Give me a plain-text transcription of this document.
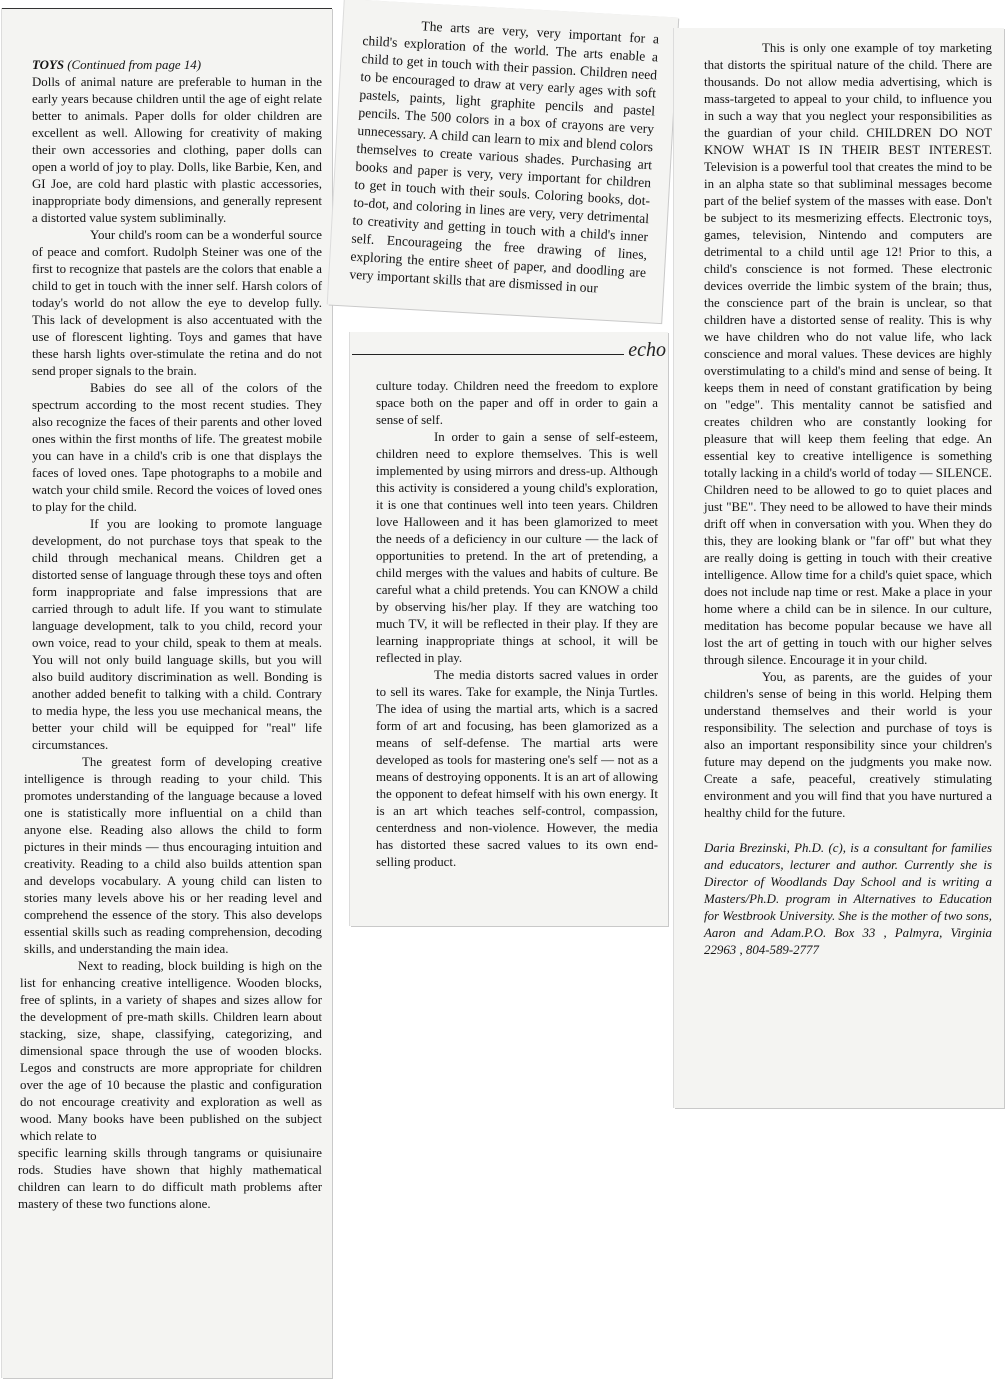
TOYS (Continued from page 14)

Dolls of animal nature are preferable to human in the early years because children until the age of eight relate better to animals. Paper dolls for older children are excellent as well. Allowing for creativity of making their own accessories and clothing, paper dolls can open a world of joy to play. Dolls, like Barbie, Ken, and GI Joe, are cold hard plastic with plastic accessories, inappropriate body dimensions, and generally represent a distorted value system subliminally.

Your child's room can be a wonderful source of peace and comfort. Rudolph Steiner was one of the first to recognize that pastels are the colors that enable a child to get in touch with the inner self. Harsh colors of today's world do not allow the eye to develop fully. This lack of development is also accentuated with the use of florescent lighting. Toys and games that have these harsh lights over-stimulate the retina and do not send proper signals to the brain.

Babies do see all of the colors of the spectrum according to the most recent studies. They also recognize the faces of their parents and other loved ones within the first months of life. The greatest mobile you can have in a child's crib is one that displays the faces of loved ones. Tape photographs to a mobile and watch your child smile. Record the voices of loved ones to play for the child.

If you are looking to promote language development, do not purchase toys that speak to the child through mechanical means. Children get a distorted sense of language through these toys and often form inappropriate and false impressions that are carried through to adult life. If you want to stimulate language development, talk to you child, record your own voice, read to your child, speak to them at meals. You will not only build language skills, but you will also build auditory discrimination as well. Bonding is another added benefit to talking with a child. Contrary to media hype, the less you use mechanical means, the better your child will be equipped for "real" life circumstances.

The greatest form of developing creative intelligence is through reading to your child. This promotes understanding of the language because a loved one is statistically more influential on a child than anyone else. Reading also allows the child to form pictures in their minds — thus encouraging intuition and creativity. Reading to a child also builds attention span and develops vocabulary. A young child can listen to stories many levels above his or her reading level and comprehend the essence of the story. This also develops essential skills such as reading comprehension, decoding skills, and understanding the main idea.

Next to reading, block building is high on the list for enhancing creative intelligence. Wooden blocks, free of splints, in a variety of shapes and sizes allow for the development of pre-math skills. Children learn about stacking, size, shape, classifying, categorizing, and dimensional space through the use of wooden blocks. Legos and constructs are more appropriate for children over the age of 10 because the plastic and configuration do not encourage creativity and exploration as well as wood. Many books have been published on the subject which relate to

specific learning skills through tangrams or quisiunaire rods. Studies have shown that highly mathematical children can learn to do difficult math problems after mastery of these two functions alone.

The arts are very, very important for a child's exploration of the world. The arts enable a child to get in touch with their passion. Children need to be encouraged to draw at very early ages with soft pastels, paints, light graphite pencils and pastel pencils. The 500 colors in a box of crayons are very unnecessary. A child can learn to mix and blend colors themselves to create various shades. Purchasing art books and paper is very, very important for children to get in touch with their souls. Coloring books, dot-to-dot, and coloring in lines are very, very detrimental to creativity and getting in touch with a child's inner self. Encourageing the free drawing of lines, exploring the entire sheet of paper, and doodling are very important skills that are dismissed in our

echo

culture today. Children need the freedom to explore space both on the paper and off in order to gain a sense of self.

In order to gain a sense of self-esteem, children need to explore themselves. This is well implemented by using mirrors and dress-up. Although this activity is considered a young child's exploration, it is one that continues well into teen years. Children love Halloween and it has been glamorized to meet the needs of a deficiency in our culture — the lack of opportunities to pretend. In the art of pretending, a child merges with the values and habits of culture. Be careful what a child pretends. You can KNOW a child by observing his/her play. If they are watching too much TV, it will be reflected in their play. If they are learning inappropriate things at school, it will be reflected in play.

The media distorts sacred values in order to sell its wares. Take for example, the Ninja Turtles. The idea of using the martial arts, which is a sacred form of art and focusing, has been glamorized as a means of self-defense. The martial arts were developed as tools for mastering one's self — not as a means of destroying opponents. It is an art of allowing the opponent to defeat himself with his own energy. It is an art which teaches self-control, compassion, centerdness and non-violence. However, the media has distorted these sacred values to its own end- selling product.

This is only one example of toy marketing that distorts the spiritual nature of the child. There are thousands. Do not allow media advertising, which is mass-targeted to appeal to your child, to influence you in such a way that you neglect your responsibilities as the guardian of your child. CHILDREN DO NOT KNOW WHAT IS IN THEIR BEST INTEREST. Television is a powerful tool that creates the mind to be in an alpha state so that subliminal messages become part of the belief system of the masses with ease. Don't be subject to its mesmerizing effects. Electronic toys, games, television, Nintendo and computers are detrimental to a child until age 12! Prior to this, a child's conscience is not formed. These electronic devices override the limbic system of the brain; thus, the conscience part of the brain is unclear, so that children have a distorted sense of reality. This is why we have children who do not value life, who lack conscience and moral values. These devices are highly overstimulating to a child's mind and sense of being. It keeps them in need of constant gratification by being on "edge". This mentality cannot be satisfied and creates children who are constantly looking for pleasure that will keep them feeling that edge. An essential key to creative intelligence is something totally lacking in a child's world of today — SILENCE. Children need to be allowed to go to quiet places and just "BE". They need to be allowed to have their minds drift off when in conversation with you. When they do this, they are looking blank or "far off" but what they are really doing is getting in touch with their creative intelligence. Allow time for a child's quiet space, which does not include nap time or rest. Make a place in your home where a child can be in silence. In our culture, meditation has become popular because we have all lost the art of getting in touch with our higher selves through silence. Encourage it in your child.

You, as parents, are the guides of your children's sense of being in this world. Helping them understand themselves and their world is your responsibility. The selection and purchase of toys is also an important responsibility since your children's future may depend on the judgments you make now. Create a safe, peaceful, creatively stimulating environment and you will find that you have nurtured a healthy child for the future.

Daria Brezinski, Ph.D. (c), is a consultant for families and educators, lecturer and author. Currently she is Director of Woodlands Day School and is writing a Masters/Ph.D. program in Alternatives to Education for Westbrook University. She is the mother of two sons, Aaron and Adam.P.O. Box 33 , Palmyra, Virginia 22963 , 804-589-2777
